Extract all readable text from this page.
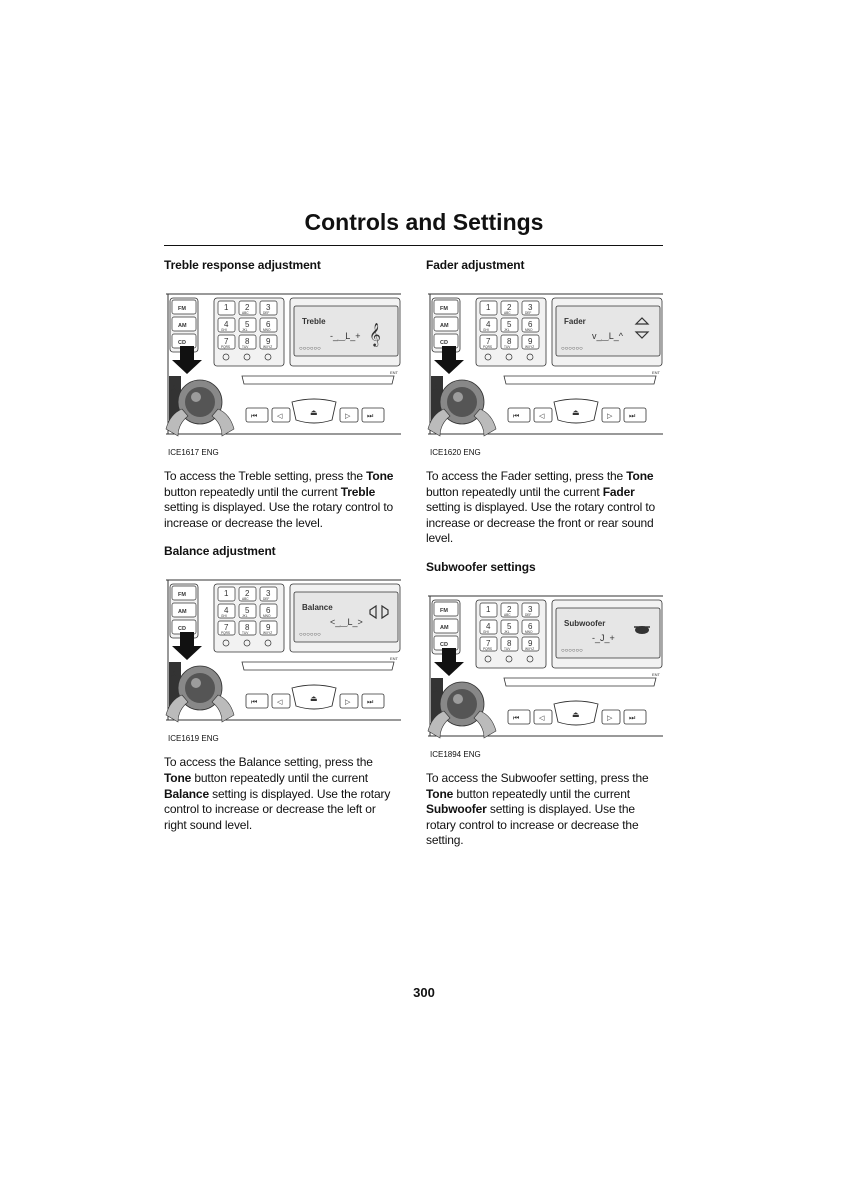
Controls and Settings
Treble response adjustment
FM
AM
CD
1 2
ABC
3
DEF
4
GHI
5
JKL
6
MNO
7
PQRS
8
TUV
9
WXYZ
Treble
-_‿L_+
○○○○○○
𝄞
ENT
⏮	◁	⏏	▷ ⏭
♫
ICE1617 ENG

To access the Treble setting, press the Tone button repeatedly until the current Treble setting is displayed. Use the rotary control to increase or decrease the level.

Balance adjustment
FM
AM
CD
1 2
ABC
3
DEF
4
GHI
5
JKL
6
MNO
7
PQRS
8
TUV
9
WXYZ
Balance
<_‿L_>
○○○○○○
ENT
⏮	◁	⏏	▷ ⏭
♫
ICE1619 ENG

To access the Balance setting, press the Tone button repeatedly until the current Balance setting is displayed. Use the rotary control to increase or decrease the left or right sound level.

Fader adjustment
FM
AM
CD
1 2
ABC
3
DEF
4
GHI
5
JKL
6
MNO
7
PQRS
8
TUV
9
WXYZ
Fader
v_‿L_^
○○○○○○
ENT
⏮	◁	⏏	▷ ⏭
♫
ICE1620 ENG

To access the Fader setting, press the Tone button repeatedly until the current Fader setting is displayed. Use the rotary control to increase or decrease the front or rear sound level.

Subwoofer settings
FM
AM
CD
1 2
ABC
3
DEF
4
GHI
5
JKL
6
MNO
7
PQRS
8
TUV
9
WXYZ
Subwoofer
-_J_+
○○○○○○
ENT
⏮	◁	⏏	▷ ⏭
♫
ICE1894 ENG

To access the Subwoofer setting, press the Tone button repeatedly until the current Subwoofer setting is displayed. Use the rotary control to increase or decrease the setting.

300
